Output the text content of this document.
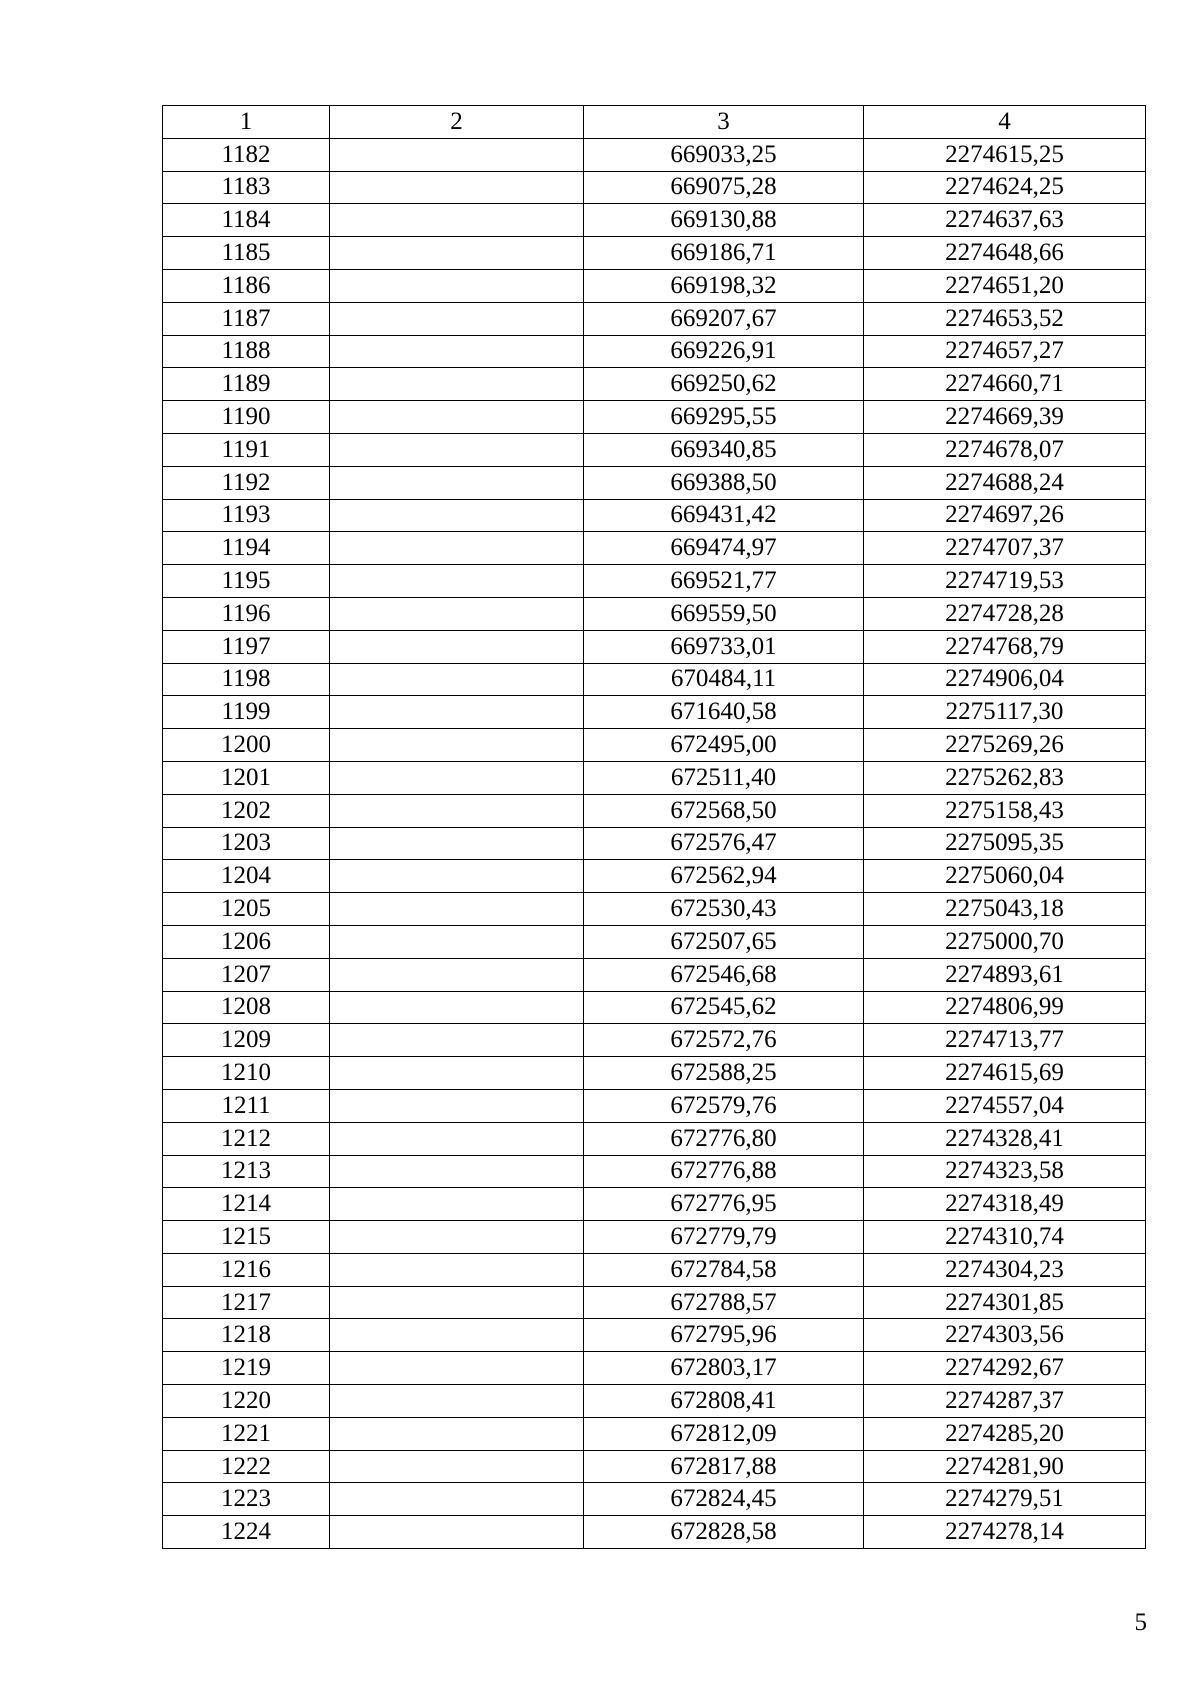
1	2	3	4
1182		669033,25	2274615,25
1183		669075,28	2274624,25
1184		669130,88	2274637,63
1185		669186,71	2274648,66
1186		669198,32	2274651,20
1187		669207,67	2274653,52
1188		669226,91	2274657,27
1189		669250,62	2274660,71
1190		669295,55	2274669,39
1191		669340,85	2274678,07
1192		669388,50	2274688,24
1193		669431,42	2274697,26
1194		669474,97	2274707,37
1195		669521,77	2274719,53
1196		669559,50	2274728,28
1197		669733,01	2274768,79
1198		670484,11	2274906,04
1199		671640,58	2275117,30
1200		672495,00	2275269,26
1201		672511,40	2275262,83
1202		672568,50	2275158,43
1203		672576,47	2275095,35
1204		672562,94	2275060,04
1205		672530,43	2275043,18
1206		672507,65	2275000,70
1207		672546,68	2274893,61
1208		672545,62	2274806,99
1209		672572,76	2274713,77
1210		672588,25	2274615,69
1211		672579,76	2274557,04
1212		672776,80	2274328,41
1213		672776,88	2274323,58
1214		672776,95	2274318,49
1215		672779,79	2274310,74
1216		672784,58	2274304,23
1217		672788,57	2274301,85
1218		672795,96	2274303,56
1219		672803,17	2274292,67
1220		672808,41	2274287,37
1221		672812,09	2274285,20
1222		672817,88	2274281,90
1223		672824,45	2274279,51
1224		672828,58	2274278,14
5
